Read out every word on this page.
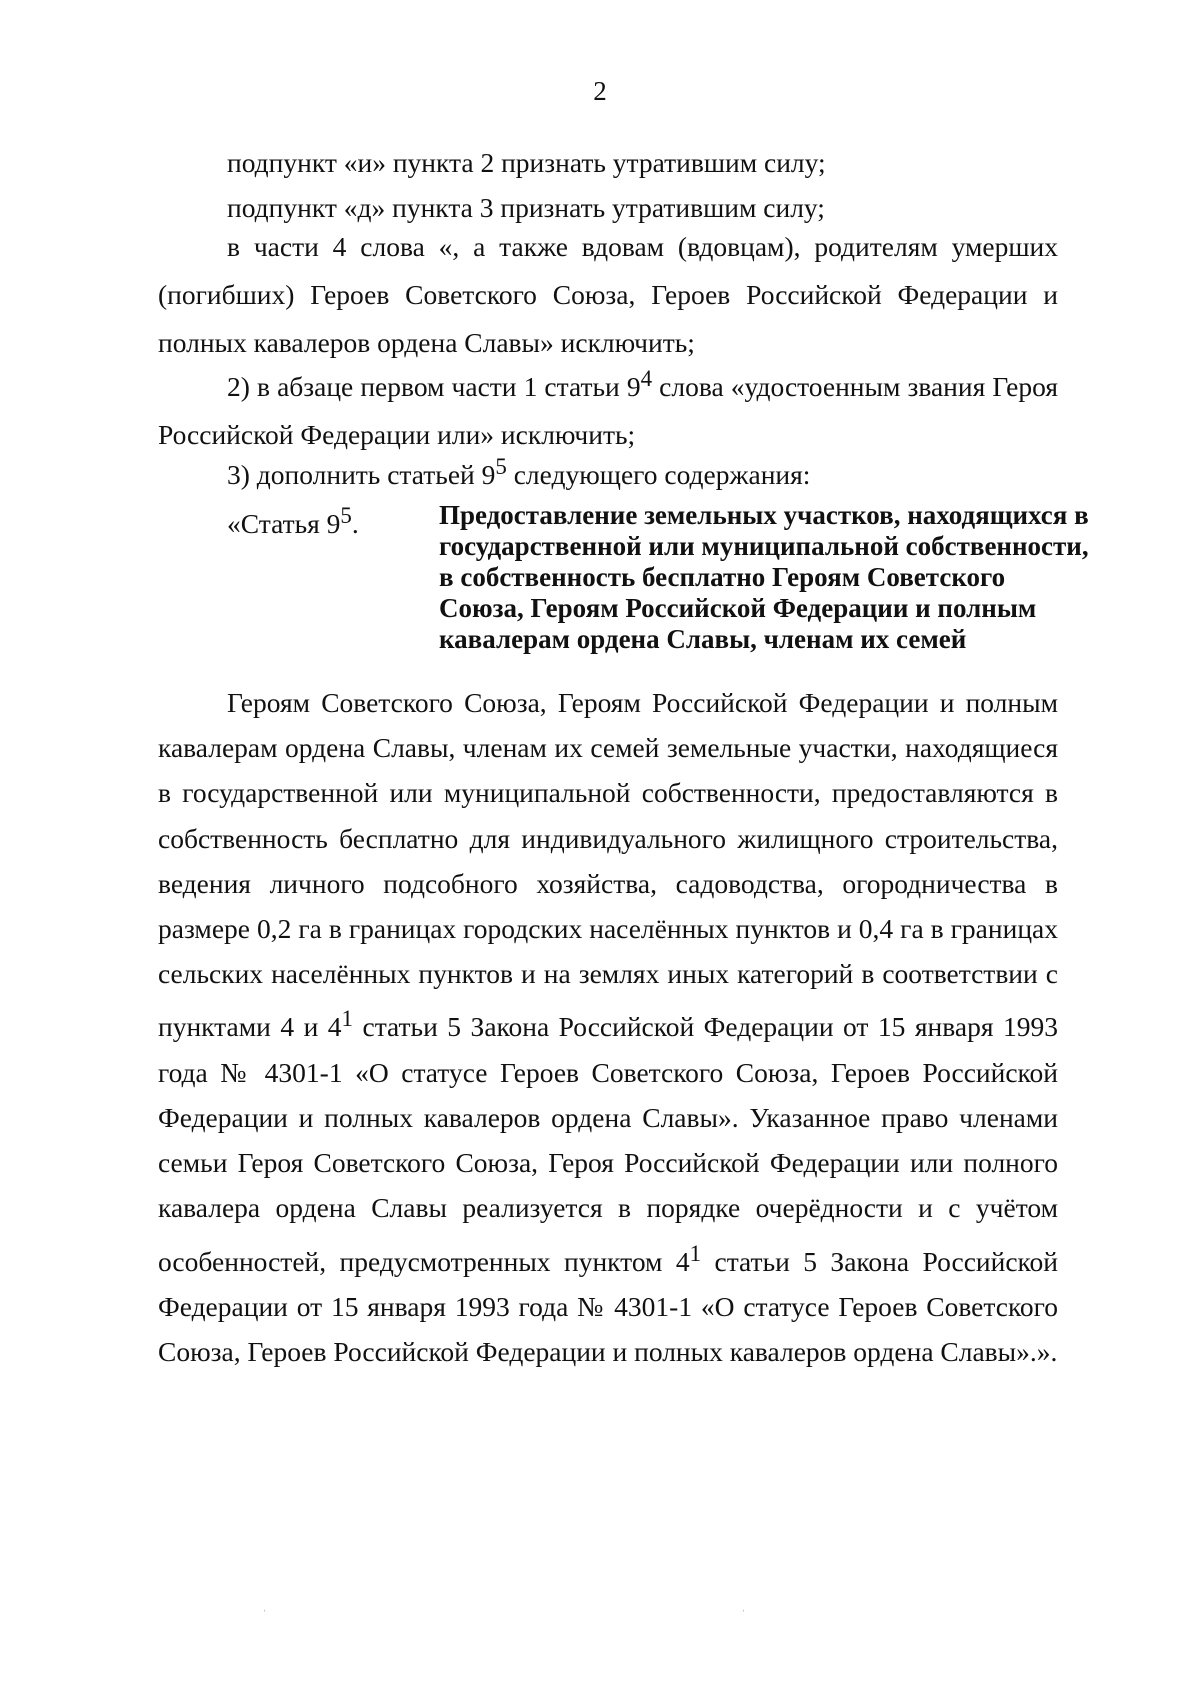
2
подпункт «и» пункта 2 признать утратившим силу;
подпункт «д» пункта 3 признать утратившим силу;
в части 4 слова «, а также вдовам (вдовцам), родителям умерших (погибших) Героев Советского Союза, Героев Российской Федерации и полных кавалеров ордена Славы» исключить;
2) в абзаце первом части 1 статьи $9^4$ слова «удостоенным звания Героя Российской Федерации или» исключить;
3) дополнить статьей $9^5$ следующего содержания:
«Статья $9^5$.	Предоставление земельных участков, находящихся в государственной или муниципальной собственности, в собственность бесплатно Героям Советского Союза, Героям Российской Федерации и полным кавалерам ордена Славы, членам их семей
Героям Советского Союза, Героям Российской Федерации и полным кавалерам ордена Славы, членам их семей земельные участки, находящиеся в государственной или муниципальной собственности, предоставляются в собственность бесплатно для индивидуального жилищного строительства, ведения личного подсобного хозяйства, садоводства, огородничества в размере 0,2 га в границах городских населённых пунктов и 0,4 га в границах сельских населённых пунктов и на землях иных категорий в соответствии с пунктами 4 и $4^1$ статьи 5 Закона Российской Федерации от 15 января 1993 года № 4301-1 «О статусе Героев Советского Союза, Героев Российской Федерации и полных кавалеров ордена Славы». Указанное право членами семьи Героя Советского Союза, Героя Российской Федерации или полного кавалера ордена Славы реализуется в порядке очерёдности и с учётом особенностей, предусмотренных пунктом $4^1$ статьи 5 Закона Российской Федерации от 15 января 1993 года № 4301-1 «О статусе Героев Советского Союза, Героев Российской Федерации и полных кавалеров ордена Славы».».
ˌ	ˌ
